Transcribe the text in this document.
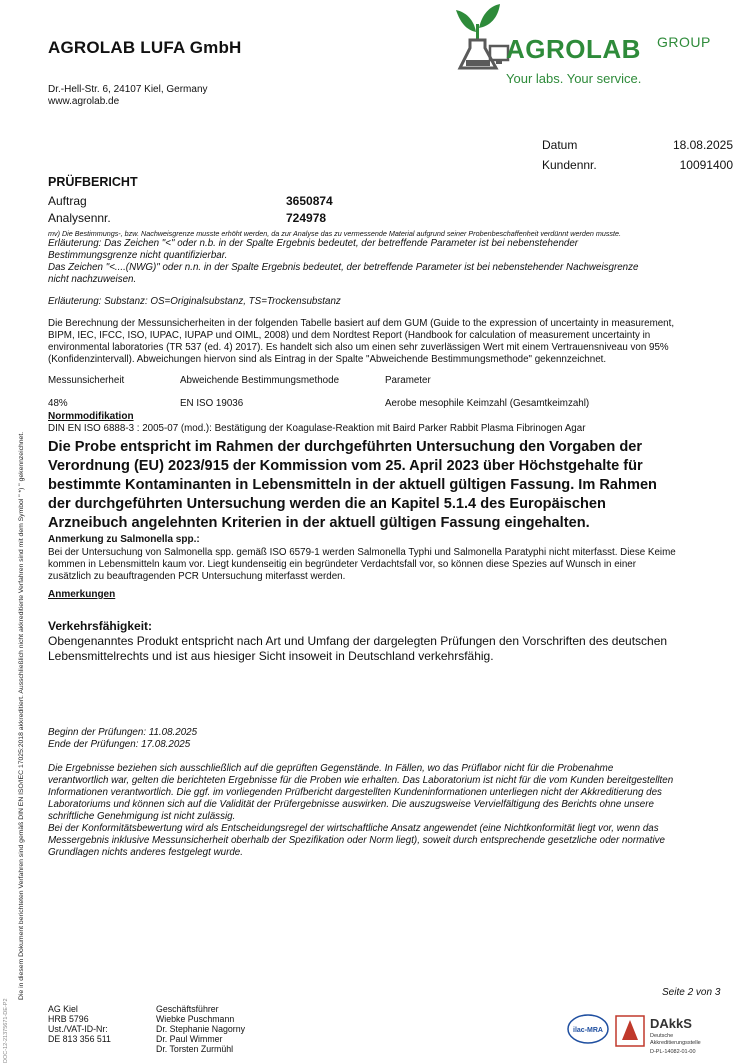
AGROLAB LUFA GmbH
Dr.-Hell-Str. 6, 24107 Kiel, Germany
www.agrolab.de
AGROLAB GROUP
Your labs. Your service.
Datum	18.08.2025
Kundennr.	10091400
PRÜFBERICHT
Auftrag	3650874
Analysennr.	724978
mv) Die Bestimmungs-, bzw. Nachweisgrenze musste erhöht werden, da zur Analyse das zu vermessende Material aufgrund seiner Probenbeschaffenheit verdünnt werden musste.
Erläuterung: Das Zeichen "<" oder n.b. in der Spalte Ergebnis bedeutet, der betreffende Parameter ist bei nebenstehender
Bestimmungsgrenze nicht quantifizierbar.
Das Zeichen "<....(NWG)" oder n.n. in der Spalte Ergebnis bedeutet, der betreffende Parameter ist bei nebenstehender Nachweisgrenze
nicht nachzuweisen.
Erläuterung: Substanz: OS=Originalsubstanz, TS=Trockensubstanz
Die Berechnung der Messunsicherheiten in der folgenden Tabelle basiert auf dem GUM (Guide to the expression of uncertainty in measurement,
BIPM, IEC, IFCC, ISO, IUPAC, IUPAP und OIML, 2008) und dem Nordtest Report (Handbook for calculation of measurement uncertainty in
environmental laboratories (TR 537 (ed. 4) 2017). Es handelt sich also um einen sehr zuverlässigen Wert mit einem Vertrauensniveau von 95%
(Konfidenzintervall). Abweichungen hiervon sind als Eintrag in der Spalte "Abweichende Bestimmungsmethode" gekennzeichnet.
Messunsicherheit	Abweichende Bestimmungsmethode	Parameter
48%	EN ISO 19036	Aerobe mesophile Keimzahl (Gesamtkeimzahl)
Normmodifikation
DIN EN ISO 6888-3 : 2005-07 (mod.): Bestätigung der Koagulase-Reaktion mit Baird Parker Rabbit Plasma Fibrinogen Agar
Die Probe entspricht im Rahmen der durchgeführten Untersuchung den Vorgaben der
Verordnung (EU) 2023/915 der Kommission vom 25. April 2023 über Höchstgehalte für
bestimmte Kontaminanten in Lebensmitteln in der aktuell gültigen Fassung. Im Rahmen
der durchgeführten Untersuchung werden die an Kapitel 5.1.4 des Europäischen
Arzneibuch angelehnten Kriterien in der aktuell gültigen Fassung eingehalten.
Anmerkung zu Salmonella spp.:
Bei der Untersuchung von Salmonella spp. gemäß ISO 6579-1 werden Salmonella Typhi und Salmonella Paratyphi nicht miterfasst. Diese Keime
kommen in Lebensmitteln kaum vor. Liegt kundenseitig ein begründeter Verdachtsfall vor, so können diese Spezies auf Wunsch in einer
zusätzlich zu beauftragenden PCR Untersuchung miterfasst werden.
Anmerkungen
Verkehrsfähigkeit:
Obengenanntes Produkt entspricht nach Art und Umfang der dargelegten Prüfungen den Vorschriften des deutschen
Lebensmittelrechts und ist aus hiesiger Sicht insoweit in Deutschland verkehrsfähig.
Beginn der Prüfungen: 11.08.2025
Ende der Prüfungen: 17.08.2025
Die Ergebnisse beziehen sich ausschließlich auf die geprüften Gegenstände. In Fällen, wo das Prüflabor nicht für die Probenahme
verantwortlich war, gelten die berichteten Ergebnisse für die Proben wie erhalten. Das Laboratorium ist nicht für die vom Kunden bereitgestellten
Informationen verantwortlich. Die ggf. im vorliegenden Prüfbericht dargestellten Kundeninformationen unterliegen nicht der Akkreditierung des
Laboratoriums und können sich auf die Validität der Prüfergebnisse auswirken. Die auszugsweise Vervielfältigung des Berichts ohne unsere
schriftliche Genehmigung ist nicht zulässig.
Bei der Konformitätsbewertung wird als Entscheidungsregel der wirtschaftliche Ansatz angewendet (eine Nichtkonformität liegt vor, wenn das
Messergebnis inklusive Messunsicherheit oberhalb der Spezifikation oder Norm liegt), soweit durch entsprechende gesetzliche oder normative
Grundlagen nichts anderes festgelegt wurde.
Die in diesem Dokument berichteten Verfahren sind gemäß DIN EN ISO/IEC 17025:2018 akkreditiert. Ausschließlich nicht akkreditierte Verfahren sind mit dem Symbol " *) " gekennzeichnet.
DOC-12-21375671-DE-P2
Seite 2 von 3
AG Kiel
HRB 5796
Ust./VAT-ID-Nr:
DE 813 356 511
Geschäftsführer
Wiebke Puschmann
Dr. Stephanie Nagorny
Dr. Paul Wimmer
Dr. Torsten Zurmühl
ilac-MRA	DAkkS
Deutsche
Akkreditierungsstelle
D-PL-14082-01-00
